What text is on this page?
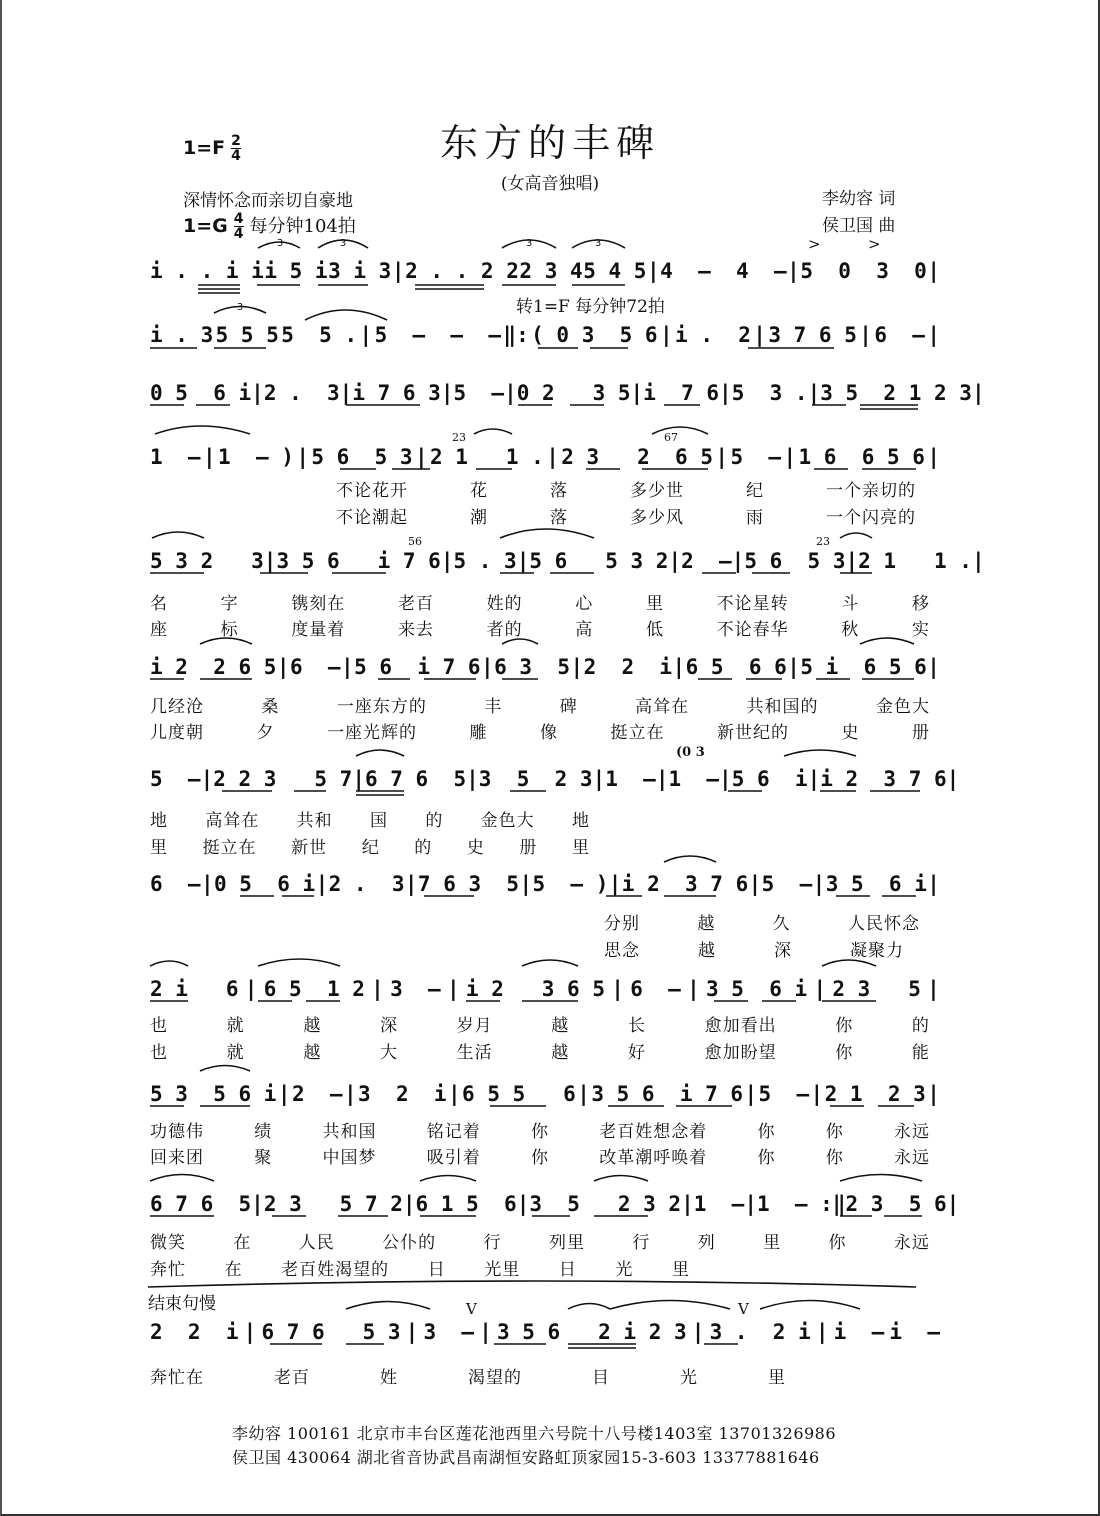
东方的丰碑
(女高音独唱)
$1=F \frac{2}{4}$
深情怀念而亲切自豪地
$1=G \frac{4}{4}$ 每分钟104拍
李幼容 词
侯卫国 曲
>	>
i . . i i i 5 i 3 i 3 | 2 . . 2 2 2 3 4 5 4 5 | 4  –  4  – | 5  0  3  0 |
转1=F 每分钟72拍
i . 3 5 5 5 5  5 . | 5  –  –  – ‖: ( 0 3  5 6 | i .  2 | 3 7 6 5 | 6  – |
0 5  6 i | 2 .  3 | i 7 6 3 | 5  – | 0 2   3 5 | i  7 6 | 5  3 . | 3 5  2 1 2 3 |
23	67
1  – | 1  – ) | 5 6  5 3 | 2 1   1 . | 2 3   2  6 5 | 5  – | 1 6  6 5 6 |
不论花开	花	落	多少世	纪	一个亲切的
不论潮起	潮	落	多少风	雨	一个闪亮的
56	23
5 3 2   3 | 3 5 6   i 7 6 | 5 . 3 | 5 6   5 3 2 | 2  – | 5 6  5 3 | 2 1   1 . |
名	字	镌刻在	老百	姓的	心	里	不论星转	斗	移
座	标	度量着	来去	者的	高	低	不论春华	秋	实
i 2  2 6 5 | 6  – | 5 6  i 7 6 | 6 3  5 | 2  2  i | 6 5  6 6 | 5 i  6 5 6 |
几经沧	桑	一座东方的	丰	碑	高耸在	共和国的	金色大
儿度朝	夕	一座光辉的	雕	像	挺立在	新世纪的	史	册
(0 3
5  – | 2 2 3   5 7 | 6 7 6  5 | 3  5  2 3 | 1  – | 1  – | 5 6  i | i 2  3 7 6 |
地 高耸在 共和 国 的 金色大 地
里 挺立在 新世 纪 的 史 册 里
6  – | 0 5  6 i | 2 .  3 | 7 6 3  5 | 5  – ) | i 2  3 7 6 | 5  – | 3 5  6 i |
分别	越	久	人民怀念
思念	越	深	凝聚力
2 i   6 | 6 5  1 2 | 3  – | i 2   3 6 5 | 6  – | 3 5  6 i | 2 3   5 |
也	就	越	深	岁月	越	长	愈加看出	你	的
也	就	越	大	生活	越	好	愈加盼望	你	能
5 3  5 6 i | 2  – | 3  2  i | 6 5 5   6 | 3 5 6  i 7 6 | 5  – | 2 1  2 3 |
功德伟	绩	共和国	铭记着	你	老百姓想念着	你	你	永远
回来团	聚	中国梦	吸引着	你	改革潮呼唤着	你	你	永远
6 7 6  5 | 2 3   5 7 2 | 6 1 5  6 | 3  5   2 3 2 | 1  – | 1  – :‖ 2 3  5 6 |
微笑	在	人民	公仆的	行	列里	行	列	里	你	永远
奔忙 在 老百姓渴望的 日 光里 日 光 里
结束句慢	V	V
2  2  i | 6 7 6   5 3 | 3  – | 3 5 6   2 i 2 3 | 3 .  2 i | i  – i  –
奔忙在	老百	姓	渴望的	目	光	里
3	3	3	3
3
李幼容 100161 北京市丰台区莲花池西里六号院十八号楼1403室 13701326986
侯卫国 430064 湖北省音协武昌南湖恒安路虹顶家园15-3-603 13377881646
